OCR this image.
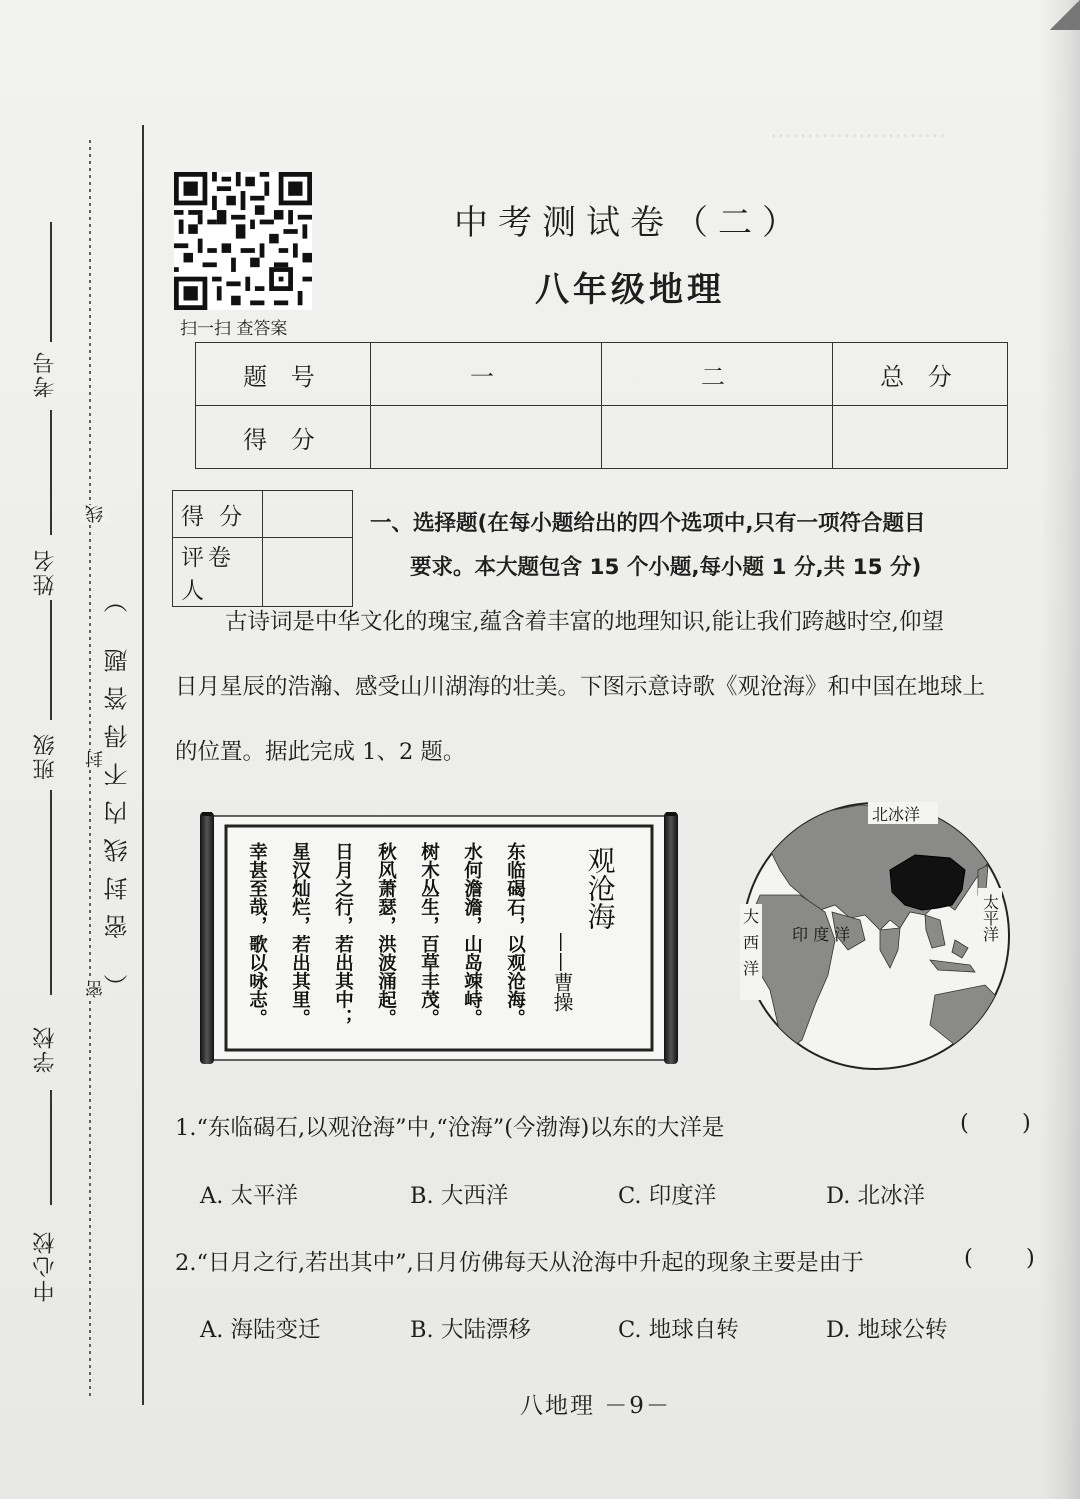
……………………
中心校
学校
班级
姓名
考号
密
封
线
（ 密封线内不得答题 ）
扫一扫 查答案
中考测试卷（二）
八年级地理
题 号	一	二	总 分
得 分			
得 分	
评卷人	
一、选择题(在每小题给出的四个选项中,只有一项符合题目
要求。本大题包含 15 个小题,每小题 1 分,共 15 分)
古诗词是中华文化的瑰宝,蕴含着丰富的地理知识,能让我们跨越时空,仰望
日月星辰的浩瀚、感受山川湖海的壮美。下图示意诗歌《观沧海》和中国在地球上
的位置。据此完成 1、2 题。
观沧海
——曹操
东临碣石，以观沧海。
水何澹澹，山岛竦峙。
树木丛生，百草丰茂。
秋风萧瑟，洪波涌起。
日月之行，若出其中；
星汉灿烂，若出其里。
幸甚至哉，歌以咏志。
北冰洋
太平洋
大西洋 印 度 洋
1.“东临碣石,以观沧海”中,“沧海”(今渤海)以东的大洋是	( )
A. 太平洋	B. 大西洋	C. 印度洋	D. 北冰洋
2.“日月之行,若出其中”,日月仿佛每天从沧海中升起的现象主要是由于	( )
A. 海陆变迁	B. 大陆漂移	C. 地球自转	D. 地球公转
八地理 －9－
